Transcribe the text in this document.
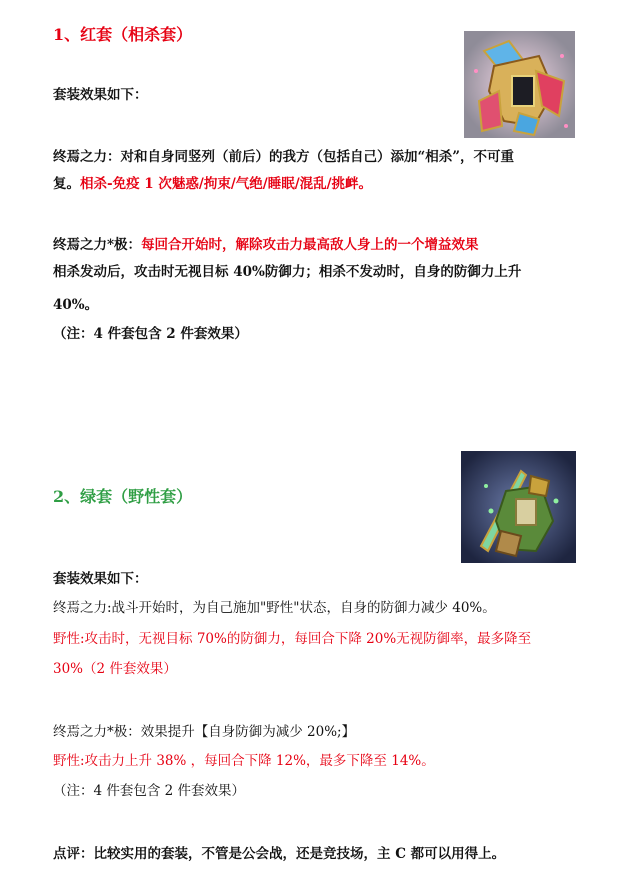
1、红套（相杀套）
套装效果如下：
终焉之力：对和自身同竖列（前后）的我方（包括自己）添加“相杀”，不可重
复。相杀-免疫 1 次魅惑/拘束/气绝/睡眠/混乱/挑衅。
终焉之力*极：每回合开始时，解除攻击力最高敌人身上的一个增益效果
相杀发动后，攻击时无视目标 40%防御力；相杀不发动时，自身的防御力上升
40%。
（注：4 件套包含 2 件套效果）
2、绿套（野性套）
套装效果如下：
终焉之力:战斗开始时，为自己施加"野性"状态，自身的防御力减少 40%。
野性:攻击时，无视目标 70%的防御力，每回合下降 20%无视防御率，最多降至
30%（2 件套效果）
终焉之力*极：效果提升【自身防御为减少 20%;】
野性:攻击力上升 38% ，每回合下降 12%，最多下降至 14%。
（注：4 件套包含 2 件套效果）
点评：比较实用的套装，不管是公会战，还是竞技场，主 C 都可以用得上。
